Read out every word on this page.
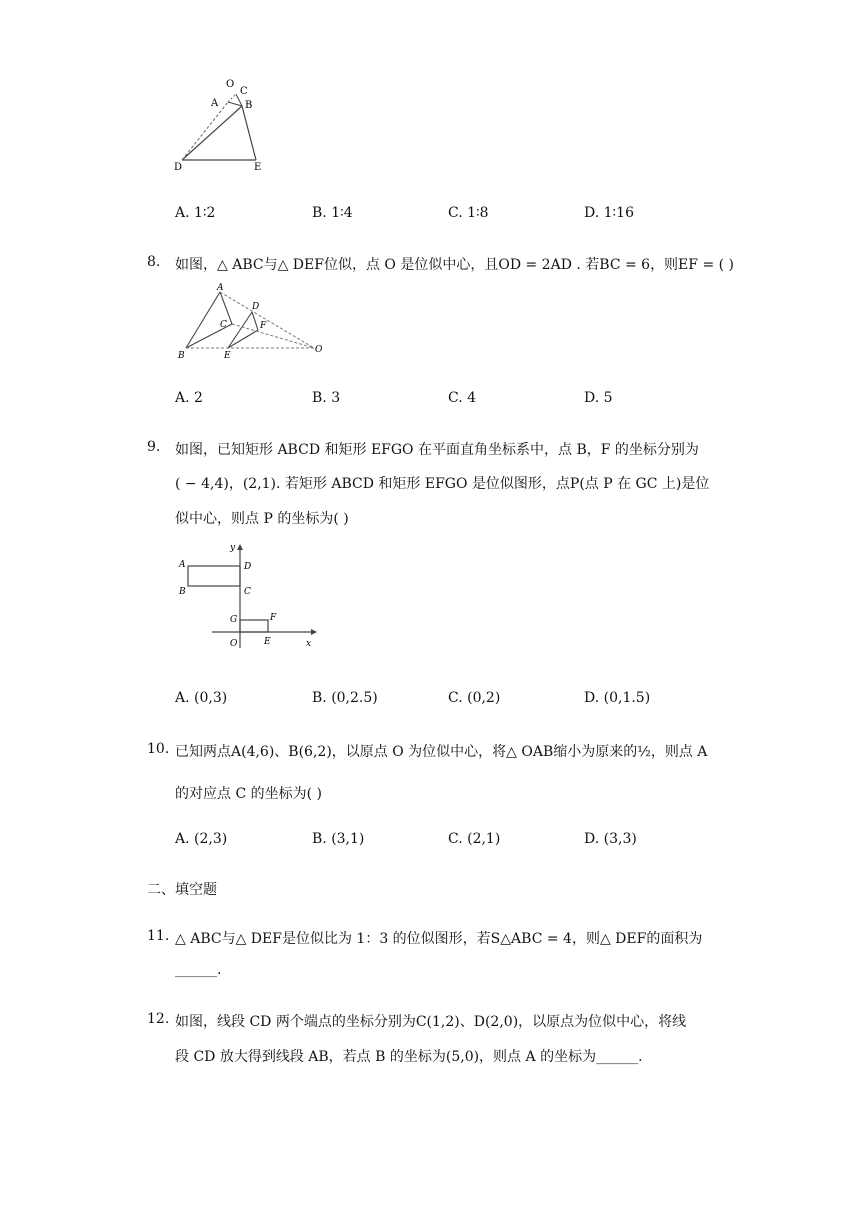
O
C
A	B
D	E
A. 1∶2	B. 1∶4	C. 1∶8	D. 1∶16
8. 如图，△ ABC与△ DEF位似，点 O 是位似中心，且OD = 2AD . 若BC = 6，则EF = ( )
A
D
C	F
B	E
O
A. 2	B. 3	C. 4	D. 5
9. 如图，已知矩形 ABCD 和矩形 EFGO 在平面直角坐标系中，点 B，F 的坐标分别为
( − 4,4)，(2,1). 若矩形 ABCD 和矩形 EFGO 是位似图形，点P(点 P 在 GC 上)是位
似中心，则点 P 的坐标为( )
y
A	D
B	C
G	F
O	E	x
A. (0,3)	B. (0,2.5)	C. (0,2)	D. (0,1.5)
10. 已知两点A(4,6)、B(6,2)，以原点 O 为位似中心，将△ OAB缩小为原来的½，则点 A
的对应点 C 的坐标为( )
A. (2,3)	B. (3,1)	C. (2,1)	D. (3,3)
二、填空题
11. △ ABC与△ DEF是位似比为 1：3 的位似图形，若S△ABC = 4，则△ DEF的面积为
______.
12. 如图，线段 CD 两个端点的坐标分别为C(1,2)、D(2,0)，以原点为位似中心，将线
段 CD 放大得到线段 AB，若点 B 的坐标为(5,0)，则点 A 的坐标为______.
